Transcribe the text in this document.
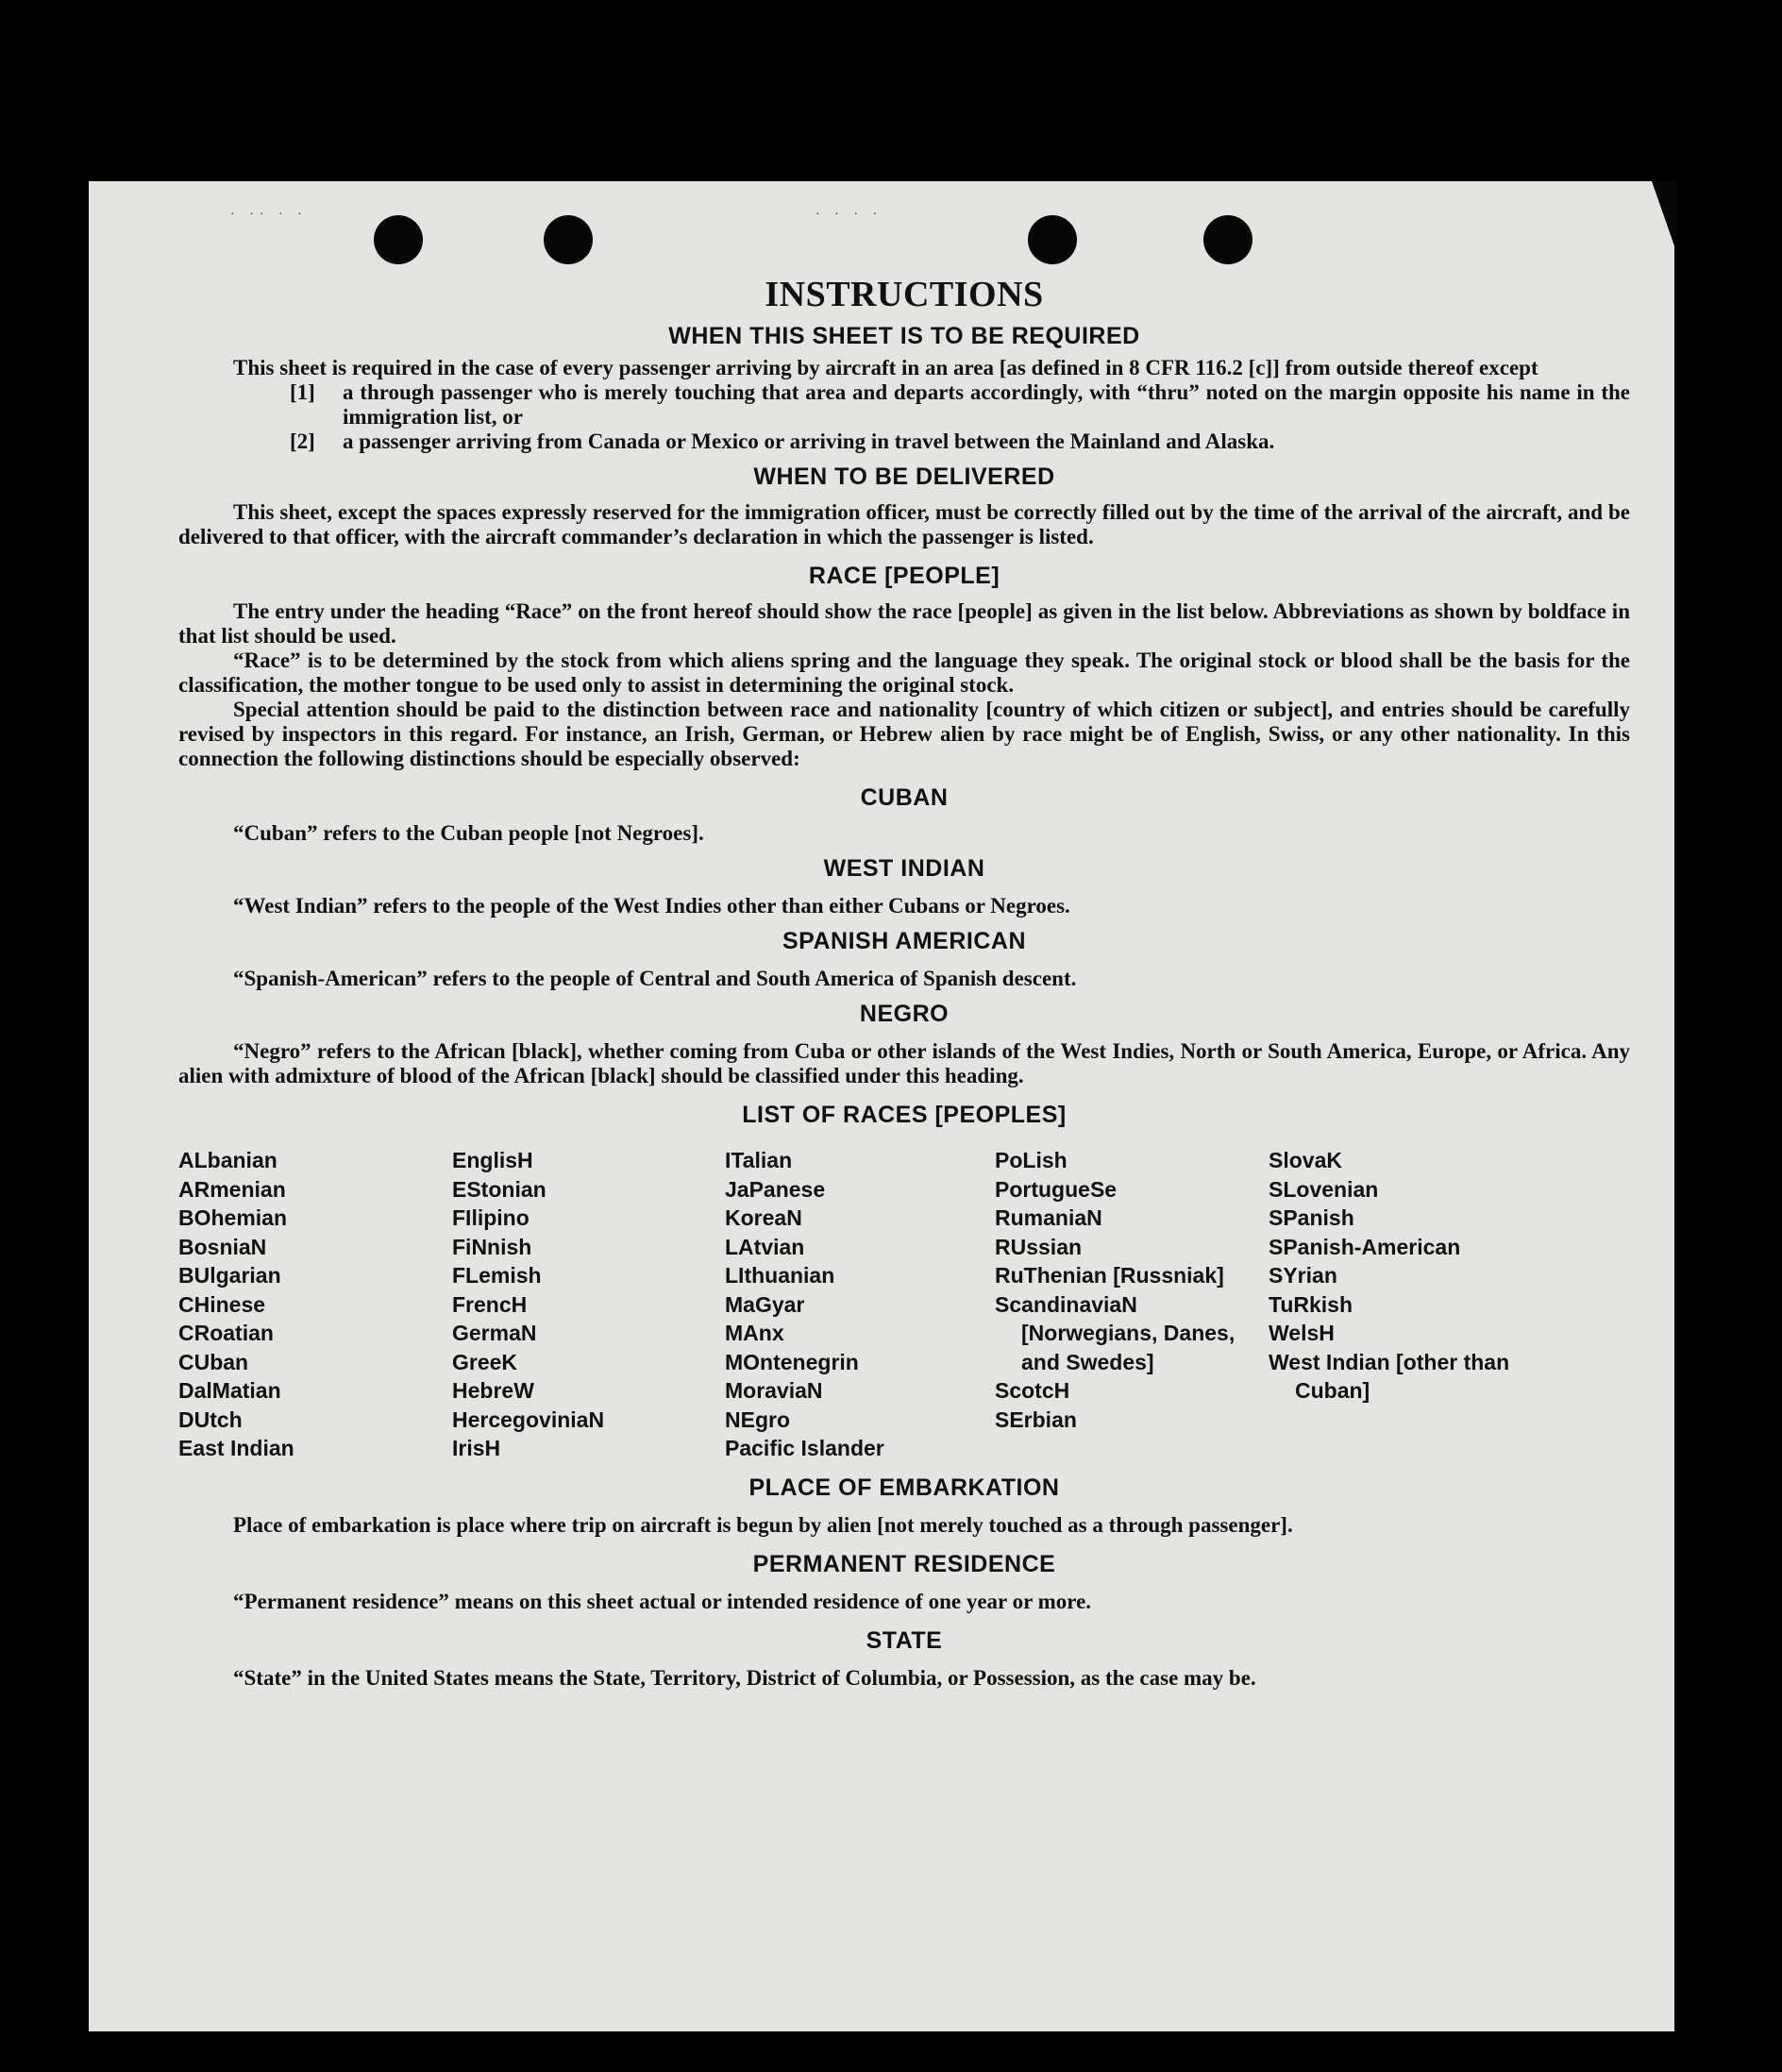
· ·· · ·	· · · ·
INSTRUCTIONS
WHEN THIS SHEET IS TO BE REQUIRED

This sheet is required in the case of every passenger arriving by aircraft in an area [as defined in 8 CFR 116.2 [c]] from outside thereof except

[1]	a through passenger who is merely touching that area and departs accordingly, with “thru” noted on the margin opposite his name in the immigration list, or
[2]	a passenger arriving from Canada or Mexico or arriving in travel between the Mainland and Alaska.
WHEN TO BE DELIVERED

This sheet, except the spaces expressly reserved for the immigration officer, must be correctly filled out by the time of the arrival of the aircraft, and be delivered to that officer, with the aircraft commander’s declaration in which the passenger is listed.

RACE [PEOPLE]

The entry under the heading “Race” on the front hereof should show the race [people] as given in the list below. Abbreviations as shown by boldface in that list should be used.

“Race” is to be determined by the stock from which aliens spring and the language they speak. The original stock or blood shall be the basis for the classification, the mother tongue to be used only to assist in determining the original stock.

Special attention should be paid to the distinction between race and nationality [country of which citizen or subject], and entries should be carefully revised by inspectors in this regard. For instance, an Irish, German, or Hebrew alien by race might be of English, Swiss, or any other nationality. In this connection the following distinctions should be especially observed:

CUBAN

“Cuban” refers to the Cuban people [not Negroes].

WEST INDIAN

“West Indian” refers to the people of the West Indies other than either Cubans or Negroes.

SPANISH AMERICAN

“Spanish-American” refers to the people of Central and South America of Spanish descent.

NEGRO

“Negro” refers to the African [black], whether coming from Cuba or other islands of the West Indies, North or South America, Europe, or Africa. Any alien with admixture of blood of the African [black] should be classified under this heading.

LIST OF RACES [PEOPLES]
ALbanian
ARmenian
BOhemian
BosniaN
BUlgarian
CHinese
CRoatian
CUban
DalMatian
DUtch
East Indian
EnglisH
EStonian
FIlipino
FiNnish
FLemish
FrencH
GermaN
GreeK
HebreW
HercegoviniaN
IrisH
ITalian
JaPanese
KoreaN
LAtvian
LIthuanian
MaGyar
MAnx
MOntenegrin
MoraviaN
NEgro
Pacific Islander
PoLish
PortugueSe
RumaniaN
RUssian
RuThenian [Russniak]
ScandinaviaN [Norwegians, Danes, and Swedes]
ScotcH
SErbian
SlovaK
SLovenian
SPanish
SPanish-American
SYrian
TuRkish
WelsH
West Indian [other than Cuban]
PLACE OF EMBARKATION

Place of embarkation is place where trip on aircraft is begun by alien [not merely touched as a through passenger].

PERMANENT RESIDENCE

“Permanent residence” means on this sheet actual or intended residence of one year or more.

STATE

“State” in the United States means the State, Territory, District of Columbia, or Possession, as the case may be.
